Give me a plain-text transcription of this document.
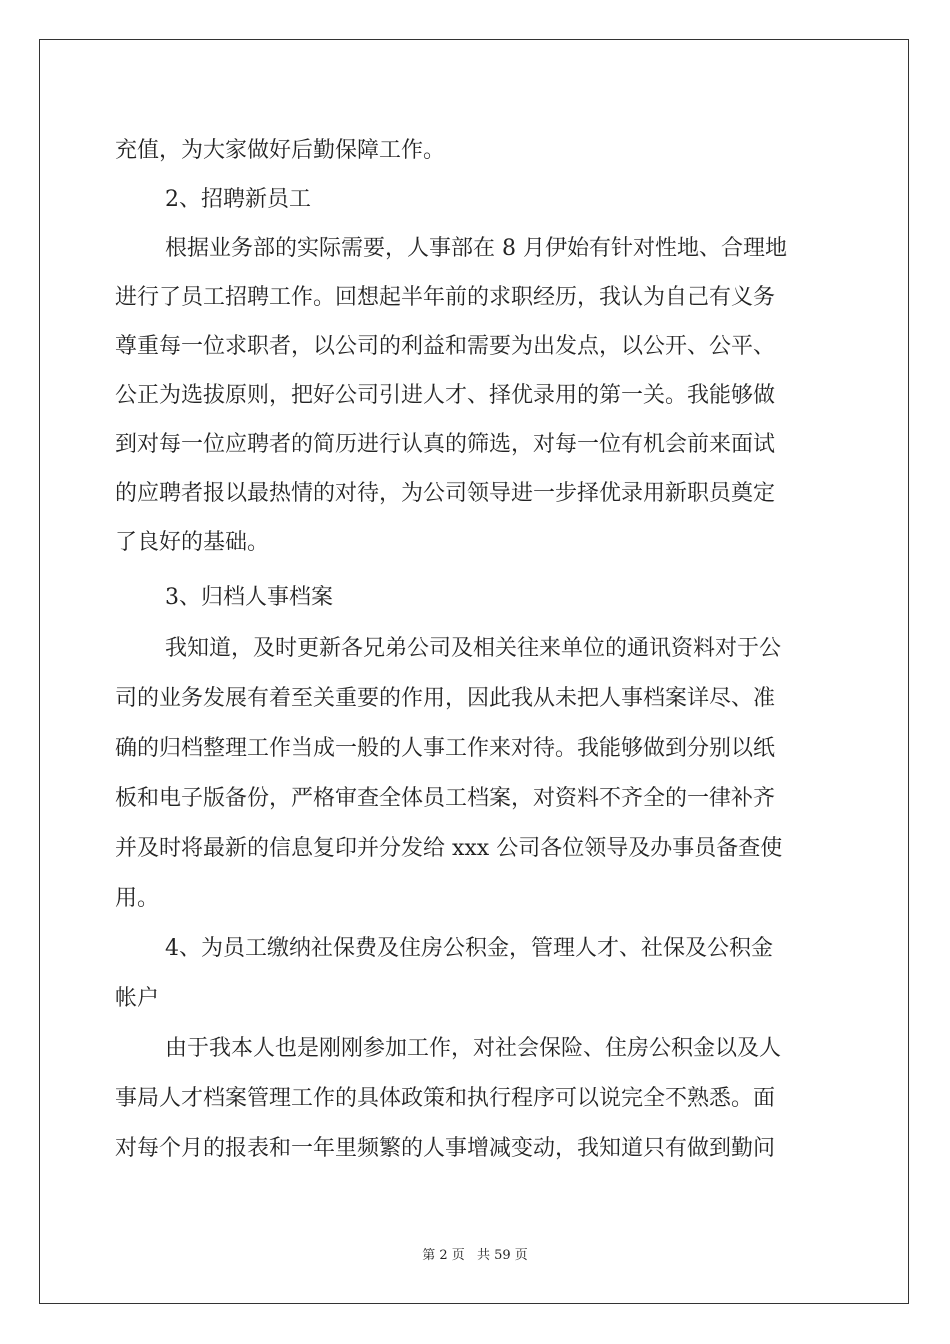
充值，为大家做好后勤保障工作。
2、招聘新员工
根据业务部的实际需要，人事部在 8 月伊始有针对性地、合理地
进行了员工招聘工作。回想起半年前的求职经历，我认为自己有义务
尊重每一位求职者，以公司的利益和需要为出发点，以公开、公平、
公正为选拔原则，把好公司引进人才、择优录用的第一关。我能够做
到对每一位应聘者的简历进行认真的筛选，对每一位有机会前来面试
的应聘者报以最热情的对待，为公司领导进一步择优录用新职员奠定
了良好的基础。
3、归档人事档案
我知道，及时更新各兄弟公司及相关往来单位的通讯资料对于公
司的业务发展有着至关重要的作用，因此我从未把人事档案详尽、准
确的归档整理工作当成一般的人事工作来对待。我能够做到分别以纸
板和电子版备份，严格审查全体员工档案，对资料不齐全的一律补齐
并及时将最新的信息复印并分发给 xxx 公司各位领导及办事员备查使
用。
4、为员工缴纳社保费及住房公积金，管理人才、社保及公积金
帐户
由于我本人也是刚刚参加工作，对社会保险、住房公积金以及人
事局人才档案管理工作的具体政策和执行程序可以说完全不熟悉。面
对每个月的报表和一年里频繁的人事增减变动，我知道只有做到勤问
第 2 页 共 59 页
